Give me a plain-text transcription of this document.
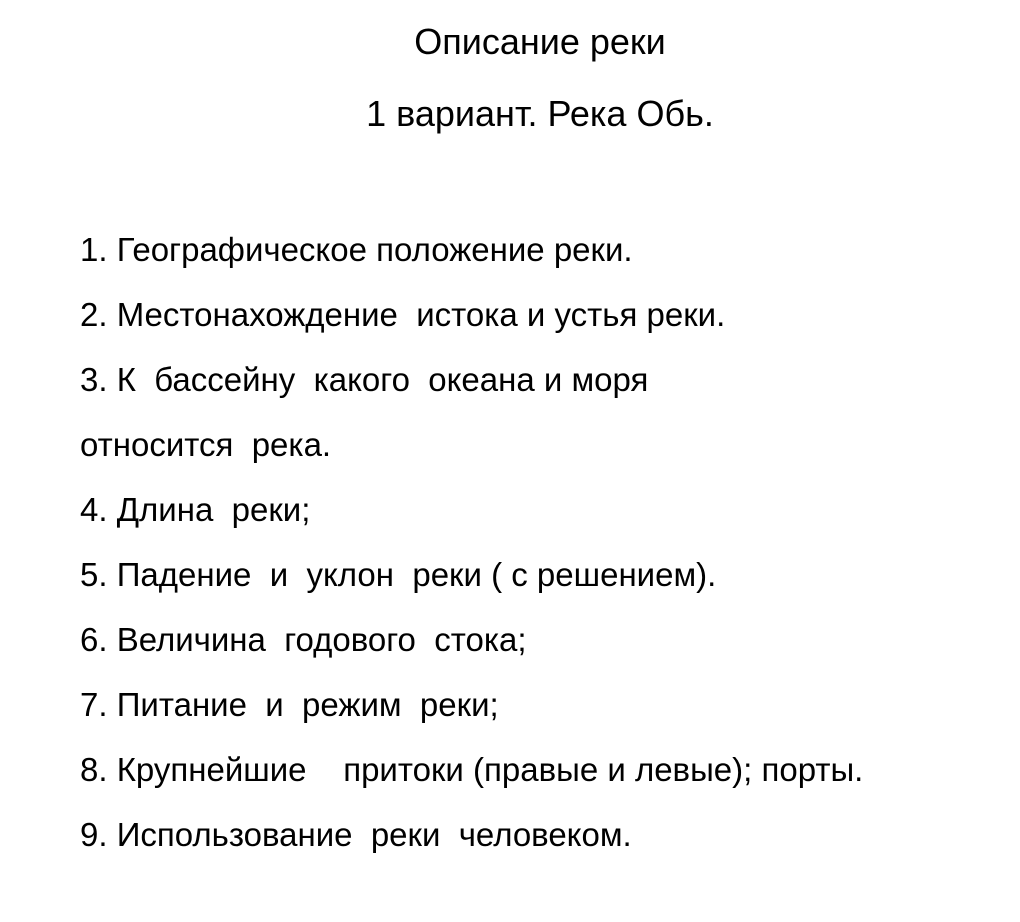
Описание реки
1 вариант. Река Обь.
1. Географическое положение реки.
2. Местонахождение  истока и устья реки.
3. К  бассейну  какого  океана и моря
относится  река.
4. Длина  реки;
5. Падение  и  уклон  реки ( с решением).
6. Величина  годового  стока;
7. Питание  и  режим  реки;
8. Крупнейшие    притоки (правые и левые); порты.
9. Использование  реки  человеком.
